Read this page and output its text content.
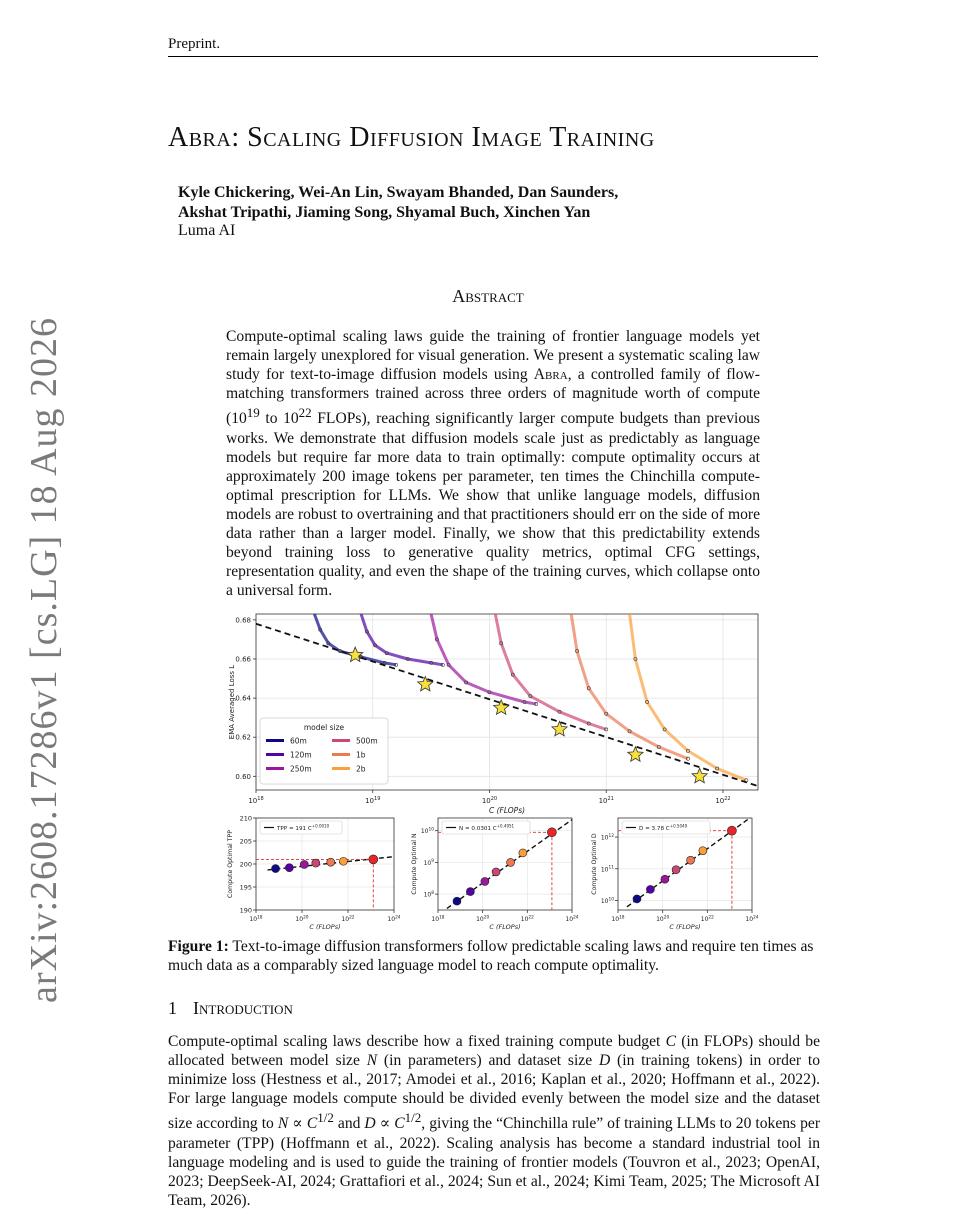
Preprint.
arXiv:2608.17286v1 [cs.LG] 18 Aug 2026
Abra: Scaling Diffusion Image Training
Kyle Chickering, Wei-An Lin, Swayam Bhanded, Dan Saunders,
Akshat Tripathi, Jiaming Song, Shyamal Buch, Xinchen Yan
Luma AI
Abstract
Compute-optimal scaling laws guide the training of frontier language models yet remain largely unexplored for visual generation. We present a systematic scaling law study for text-to-image diffusion models using Abra, a controlled family of flow-matching transformers trained across three orders of magnitude worth of compute ($10^{19}$ to $10^{22}$ FLOPs), reaching significantly larger compute budgets than previous works. We demonstrate that diffusion models scale just as predictably as language models but require far more data to train optimally: compute optimality occurs at approximately 200 image tokens per parameter, ten times the Chinchilla compute-optimal prescription for LLMs. We show that unlike language models, diffusion models are robust to overtraining and that practitioners should err on the side of more data rather than a larger model. Finally, we show that this predictability extends beyond training loss to generative quality metrics, optimal CFG settings, representation quality, and even the shape of the training curves, which collapse onto a universal form.
0.60
0.62
0.64
0.66
0.68
$10^{18}$	$10^{19}$	$10^{20}$	$10^{21}$	$10^{22}$
C (FLOPs)
EMA Averaged Loss L	model size
60m
120m
250m
500m
1b
2b
TPP = 191 $C^{+0.0010}$
190
195
200
205
210
$10^{18}$	$10^{20}$	$10^{22}$	$10^{24}$
C (FLOPs)
Compute Optimal TPP
N = 0.0301 $C^{+0.4951}$
$10^8$
$10^9$
$10^{10}$
$10^{18}$	$10^{20}$	$10^{22}$	$10^{24}$
C (FLOPs)
Compute Optimal N
D = 3.78 $C^{+0.5049}$
$10^{10}$
$10^{11}$
$10^{12}$
$10^{18}$	$10^{20}$	$10^{22}$	$10^{24}$
C (FLOPs)
Compute Optimal D
Figure 1: Text-to-image diffusion transformers follow predictable scaling laws and require ten times as much data as a comparably sized language model to reach compute optimality.
1 Introduction
Compute-optimal scaling laws describe how a fixed training compute budget C (in FLOPs) should be allocated between model size N (in parameters) and dataset size D (in training tokens) in order to minimize loss (Hestness et al., 2017; Amodei et al., 2016; Kaplan et al., 2020; Hoffmann et al., 2022). For large language models compute should be divided evenly between the model size and the dataset size according to $N \propto C^{1/2}$ and $D \propto C^{1/2}$, giving the “Chinchilla rule” of training LLMs to 20 tokens per parameter (TPP) (Hoffmann et al., 2022). Scaling analysis has become a standard industrial tool in language modeling and is used to guide the training of frontier models (Touvron et al., 2023; OpenAI, 2023; DeepSeek-AI, 2024; Grattafiori et al., 2024; Sun et al., 2024; Kimi Team, 2025; The Microsoft AI Team, 2026).
